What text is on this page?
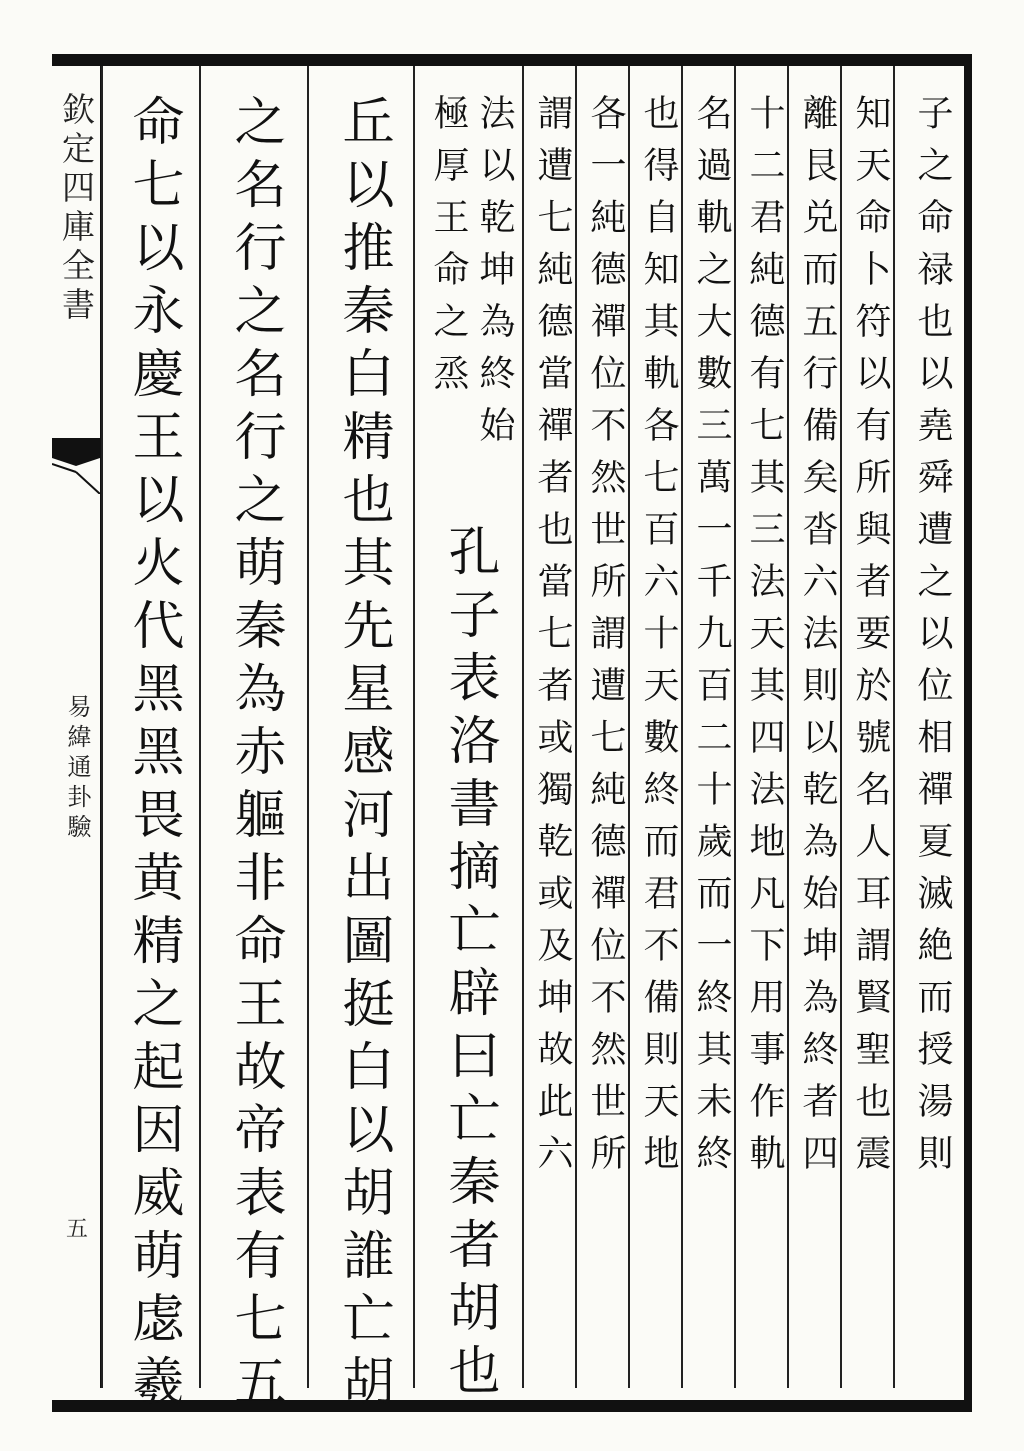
欽定四庫全書
易緯通卦驗
五 命七以永慶王以火代黑黑畏黄精之起因威萌虙羲 之名行之名行之萌秦為赤軀非命王故帝表有七五 丘以推秦白精也其先星感河出圖挺白以胡誰亡胡 極厚王命之烝 法以乾坤為終始
孔子表洛書摘亡辟曰亡秦者胡也 謂遭七純德當禪者也當七者或獨乾或及坤故此六 各一純德禪位不然世所謂遭七純德禪位不然世所 也得自知其軌各七百六十天數終而君不備則天地 名過軌之大數三萬一千九百二十歲而一終其未終 十二君純德有七其三法天其四法地凡下用事作軌 離艮兑而五行備矣沓六法則以乾為始坤為終者四 知天命卜符以有所與者要於號名人耳謂賢聖也震 子之命禄也以堯舜遭之以位相禪夏滅絶而授湯則
